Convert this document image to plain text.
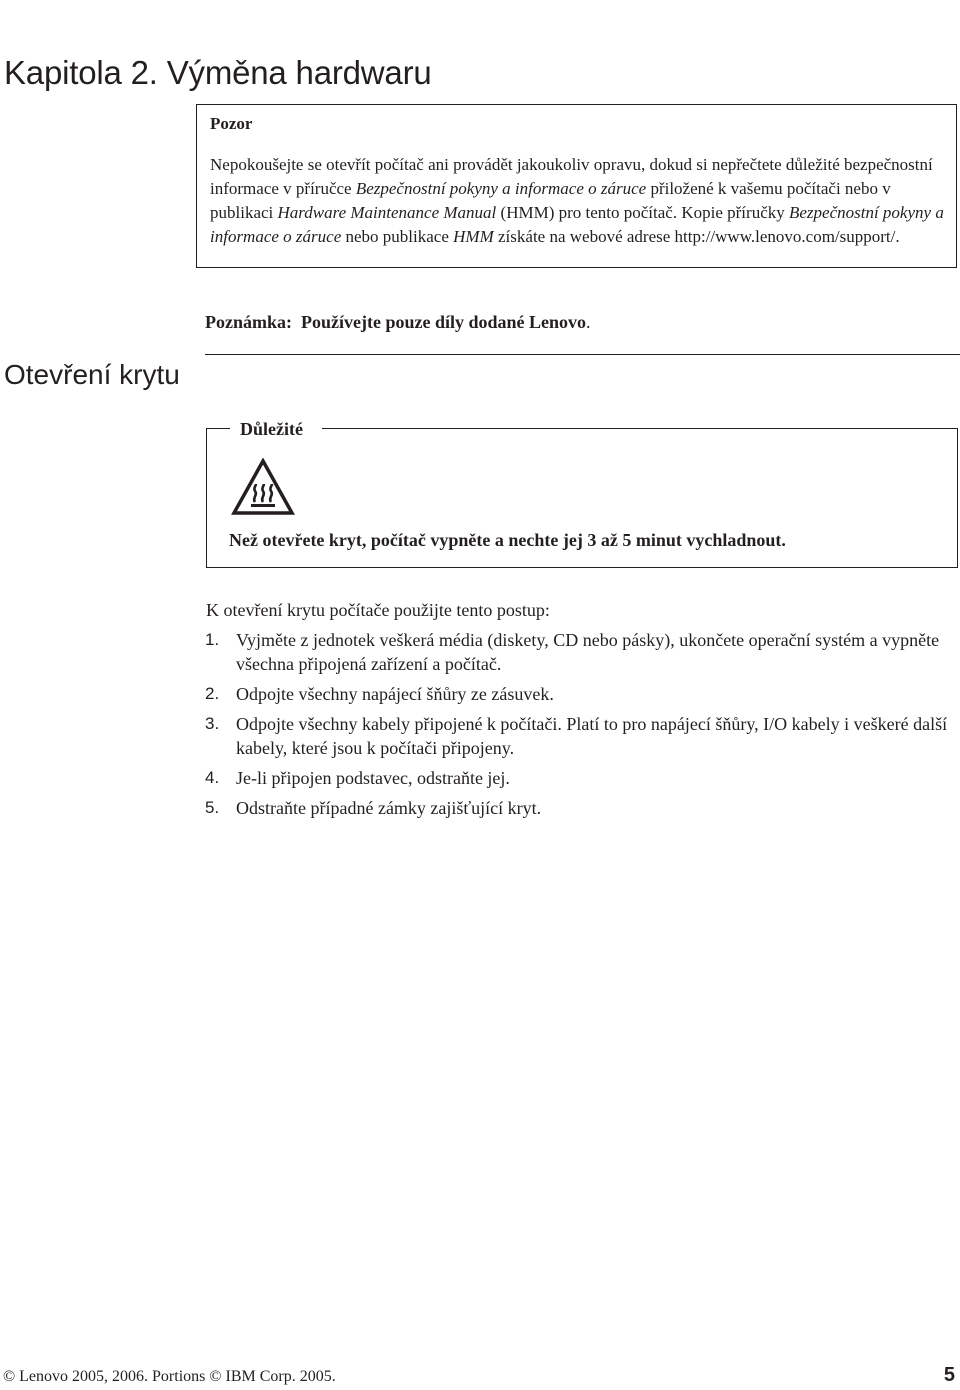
Kapitola 2. Výměna hardwaru
Pozor
Nepokoušejte se otevřít počítač ani provádět jakoukoliv opravu, dokud si nepřečtete důležité bezpečnostní informace v příručce Bezpečnostní pokyny a informace o záruce přiložené k vašemu počítači nebo v publikaci Hardware Maintenance Manual (HMM) pro tento počítač. Kopie příručky Bezpečnostní pokyny a informace o záruce nebo publikace HMM získáte na webové adrese http://www.lenovo.com/support/.
Poznámka: Používejte pouze díly dodané Lenovo.
Otevření krytu
Důležité
Než otevřete kryt, počítač vypněte a nechte jej 3 až 5 minut vychladnout.
K otevření krytu počítače použijte tento postup:
1. Vyjměte z jednotek veškerá média (diskety, CD nebo pásky), ukončete operační systém a vypněte všechna připojená zařízení a počítač.
2. Odpojte všechny napájecí šňůry ze zásuvek.
3. Odpojte všechny kabely připojené k počítači. Platí to pro napájecí šňůry, I/O kabely i veškeré další kabely, které jsou k počítači připojeny.
4. Je-li připojen podstavec, odstraňte jej.
5. Odstraňte případné zámky zajišťující kryt.
© Lenovo 2005, 2006. Portions © IBM Corp. 2005.	5
